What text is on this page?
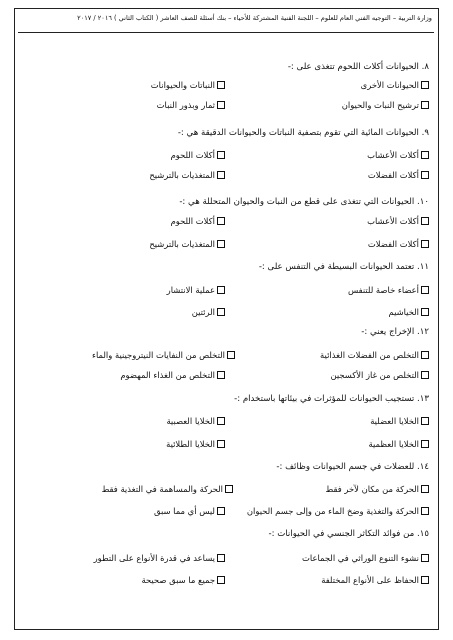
وزارة التربية – التوجيه الفني العام للعلوم – اللجنة الفنية المشتركة للأحياء – بنك أسئلة للصف العاشر ( الكتاب الثاني ) ٢٠١٦ / ٢٠١٧
٨. الحيوانات أكلات اللحوم تتغذى على :-
الحيوانات الأخرى
النباتات والحيوانات
ترشيح النبات والحيوان
ثمار وبذور النبات
٩. الحيوانات المائية التي تقوم بتصفية النباتات والحيوانات الدقيقة هي :-
أكلات الأعشاب
أكلات اللحوم
أكلات الفضلات
المتغذيات بالترشيح
١٠. الحيوانات التي تتغذى على قطع من النبات والحيوان المتحللة هي :-
أكلات الأعشاب
أكلات اللحوم
أكلات الفضلات
المتغذيات بالترشيح
١١. تعتمد الحيوانات البسيطة في التنفس على :-
أعضاء خاصة للتنفس
عملية الانتشار
الخياشيم
الرئتين
١٢. الإخراج يعني :-
التخلص من الفضلات الغذائية
التخلص من النفايات النيتروجينية والماء
التخلص من غاز الأكسجين
التخلص من الغذاء المهضوم
١٣. تستجيب الحيوانات للمؤثرات في بيئاتها باستخدام :-
الخلايا العضلية
الخلايا العصبية
الخلايا العظمية
الخلايا الطلائية
١٤. للعضلات في جسم الحيوانات وظائف :-
الحركة من مكان لآخر فقط
الحركة والمساهمة في التغذية فقط
الحركة والتغذية وضخ الماء من وإلى جسم الحيوان
ليس أي مما سبق
١٥. من فوائد التكاثر الجنسي في الحيوانات :-
نشوء التنوع الوراثي في الجماعات
يساعد في قدرة الأنواع على التطور
الحفاظ على الأنواع المختلفة
جميع ما سبق صحيحة
